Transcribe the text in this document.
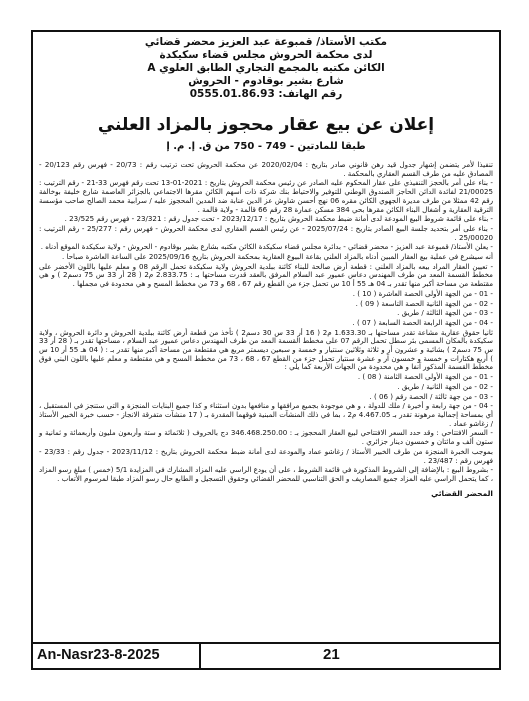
مكتب الأستاذ/ قمبوعة عبد العزيز محضر قضائي
لدى محكمة الحروش مجلس قضاء سكيكدة
الكائن مكتبه بالمجمع التجاري الطابق العلوي A
شارع بشير بوقادوم - الحروش
رقم الهاتف: 0555.01.86.93
إعلان عن بيع عقار محجوز بالمزاد العلني
طبقا للمادتين - 749 - 750 من ق. إ. م. إ

تنفيذا لأمر يتضمن إشهار جدول قيد رهن قانوني صادر بتاريخ : 2020/02/04 عن محكمة الحروش تحت ترتيب رقم : 20/73 - فهرس رقم 20/123 - المصادق عليه من طرف القسم العقاري بالمحكمة .

- بناء على أمر بالحجز التنفيذي على عقار المحكوم عليه الصادر عن رئيس محكمة الحروش بتاريخ : 2021-01-13 تحت رقم فهرس 33-21 - رقم الترتيب : 21/00025 لفائدة الدائن الحاجز الصندوق الوطني للتوفير والاحتياط بنك شركة ذات أسهم الكائن مقرها الاجتماعي بالجزائر العاصمة شارع خليفة بوخالفة رقم 42 ممثلا من طرف مديرة الجهوي الكائن مقره 06 نهج أحسن شاوش عز الدين عنابة ضد المدين المحجوز عليه / سرابية محمد الصالح صاحب مؤسسة الترقية العقارية و أشغال البناء الكائن مقرها بحي 384 مسكن عمارة 28 رقم 66 قالمة - ولاية قالمة .

- بناء على قائمة شروط البيع المودعة لدى أمانة ضبط محكمة الحروش بتاريخ : 2023/12/17 - تحت جدول رقم : 23/321 - فهرس رقم 23/525 .

- بناء على أمر بتحديد جلسة البيع الصادر بتاريخ : 2025/07/24 - عن رئيس القسم العقاري لدى محكمة الحروش - فهرس رقم : 25/277 - رقم الترتيب : 25/00020 .

- يعلن الأستاذ/ قمبوعة عبد العزيز - محضر قضائي - بدائرة مجلس قضاء سكيكدة الكائن مكتبه بشارع بشير بوقادوم - الحروش - ولاية سكيكدة الموقع أدناه .

أنه سيشرع في عملية بيع العقار المبين أدناه بالمزاد العلني بقاعة البيوع العقارية بمحكمة الحروش بتاريخ 2025/09/16 على الساعة العاشرة صباحا .

- تعيين العقار المراد بيعه بالمزاد العلني : قطعة أرض صالحة للبناء كائنة ببلدية الحروش ولاية سكيكدة تحمل الرقم 08 و معلم عليها باللون الأخضر على مخطط القسمة المعد من طرف المهندس دعاس عميور عبد السلام المرفق بالعقد قدرت مساحتها بـ : 2.833.75 م2 ( 28 أر 33 س 75 دسم2 ) و هي مقتطعة من مساحة أكبر منها تقدر بـ 04 هـ 55 أ 10 س تحمل جزء من القطع رقم 67 ، 68 و 73 من مخطط المسح و هي محدودة في مجملها .

- 01 - من الجهة الأولى الحصة العاشرة ( 10 ) .

- 02 - من الجهة الثانية الحصة التاسعة ( 09 ) .

- 03 - من الجهة الثالثة / طريق .

- 04 - من الجهة الرابعة الحصة السابعة ( 07 ) .

ثانيا حقوق عقارية مشاعة تقدر مساحتها بـ 1.633.30 م2 ( 16 أر 33 س 30 دسم2 ) تأخذ من قطعة أرض كائنة ببلدية الحروش و دائرة الحروش ، ولاية سكيكدة بالمكان المسمى بئر سطل تحمل الرقم 07 على مخطط القسمة المعد من طرف المهندس دعاس عميور عبد السلام ، مساحتها تقدر بـ ( 28 أر 33 س 75 دسم2 ) بشائبة و عشرون أر و ثلاثة وثلاثين سنتيار و خمسة و سبعين ديسمتر مربع هي مقتطعة من مساحة أكبر منها تقدر بـ : ( 04 هـ 55 أر 10 س ) أربع هكتارات و خمسة و خمسون آر و عشرة سنتيار تحمل جزء من القطع 67 ، 68 ، 73 من مخطط المسح و هي مقتطعة و معلم عليها باللون البني فوق مخطط القسمة المذكور آنفا و هي محدودة من الجهات الأربعة كما يلي :

- 01 - من الجهة الأولى الحصة الثامنة ( 08 ) .

- 02 - من الجهة الثانية / طريق .

- 03 - من جهة ثالثة / الحصة رقم ( 06 ) .

- 04 - من جهة رابعة و أخيرة / ملك للدولة ، و هي موجودة بجميع مرافقها و منافعها بدون استثناء و كذا جميع البنايات المنجزة و التي ستنجز في المستقبل ، أي بمساحة إجمالية مرهونة تقدر بـ 4.467.05 م2 ، بما في ذلك المنشآت المبنية فوقهما المقدرة بـ ( 17 منشآت متفرقة الانجاز - حسب خبرة الخبير الأستاذ / زغاشو عماد .

- السعر الافتتاحي : وقد حدد السعر الافتتاحي لبيع العقار المحجوز بـ : 346.468.250.00 دج بالحروف ( ثلاثمائة و ستة وأربعون مليون وأربعمائة و ثمانية و ستون ألف و مائتان و خمسون دينار جزائري .

بموجب الخبرة المنجزة من طرف الخبير الأستاذ / زغاشو عماد والمودعة لدى أمانة ضبط محكمة الحروش بتاريخ : 2023/11/12 - جدول رقم : 23/33 - فهرس رقم : 23/487 .

- بشروط البيع : بالإضافة إلى الشروط المذكورة في قائمة الشروط ، على أن يودع الراسي عليه المزاد المشارك في المزايدة 5/1 (خمس ) مبلغ رسو المزاد ، كما يتحمل الراسي عليه المزاد جميع المصاريف و الحق التناسبي للمحضر القضائي وحقوق التسجيل و الطابع حال رسو المزاد طبقا لمرسوم الأتعاب .

المحضر القضائي
An-Nasr23-8-2025	21
